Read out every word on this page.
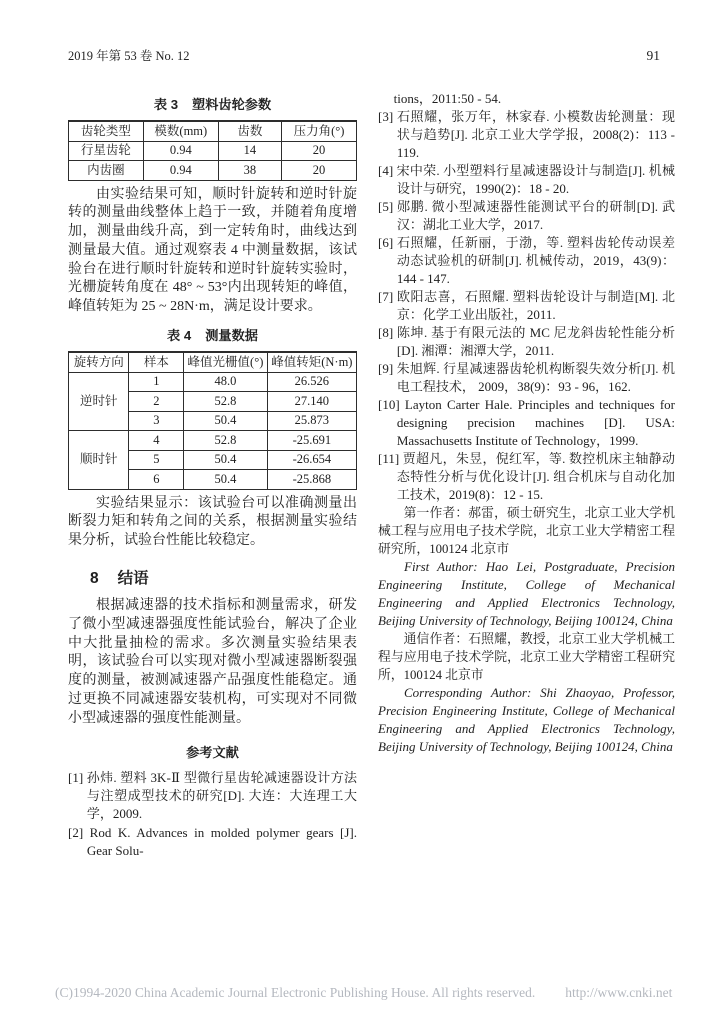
2019 年第 53 卷 No. 12	91
表 3 塑料齿轮参数
齿轮类型	模数(mm)	齿数	压力角(°)
行星齿轮	0.94	14	20
内齿圈	0.94	38	20

由实验结果可知，顺时针旋转和逆时针旋转的测量曲线整体上趋于一致，并随着角度增加，测量曲线升高，到一定转角时，曲线达到测量最大值。通过观察表 4 中测量数据，该试验台在进行顺时针旋转和逆时针旋转实验时，光栅旋转角度在 48° ~ 53°内出现转矩的峰值，峰值转矩为 25 ~ 28N·m，满足设计要求。

表 4 测量数据
旋转方向	样本	峰值光栅值(°)	峰值转矩(N·m)
逆时针	1	48.0	26.526
	2	52.8	27.140
	3	50.4	25.873
顺时针	4	52.8	-25.691
	5	50.4	-26.654
	6	50.4	-25.868

实验结果显示：该试验台可以准确测量出断裂力矩和转角之间的关系，根据测量实验结果分析，试验台性能比较稳定。

8 结语

根据减速器的技术指标和测量需求，研发了微小型减速器强度性能试验台，解决了企业中大批量抽检的需求。多次测量实验结果表明，该试验台可以实现对微小型减速器断裂强度的测量，被测减速器产品强度性能稳定。通过更换不同减速器安装机构，可实现对不同微小型减速器的强度性能测量。

参考文献

[1] 孙炜. 塑料 3K-Ⅱ 型微行星齿轮减速器设计方法与注塑成型技术的研究[D]. 大连：大连理工大学，2009.

[2] Rod K. Advances in molded polymer gears [J]. Gear Solu-

tions，2011:50 - 54.

[3] 石照耀，张万年，林家春. 小模数齿轮测量：现状与趋势[J]. 北京工业大学学报，2008(2)：113 - 119.

[4] 宋中荣. 小型塑料行星减速器设计与制造[J]. 机械设计与研究，1990(2)：18 - 20.

[5] 郧鹏. 微小型减速器性能测试平台的研制[D]. 武汉：湖北工业大学，2017.

[6] 石照耀，任新丽，于渤，等. 塑料齿轮传动误差动态试验机的研制[J]. 机械传动，2019，43(9)：144 - 147.

[7] 欧阳志喜，石照耀. 塑料齿轮设计与制造[M]. 北京：化学工业出版社，2011.

[8] 陈坤. 基于有限元法的 MC 尼龙斜齿轮性能分析[D]. 湘潭：湘潭大学，2011.

[9] 朱旭辉. 行星减速器齿轮机构断裂失效分析[J]. 机电工程技术， 2009，38(9)：93 - 96，162.

[10] Layton Carter Hale. Principles and techniques for designing precision machines [D]. USA: Massachusetts Institute of Technology，1999.

[11] 贾超凡，朱昱，倪红军，等. 数控机床主轴静动态特性分析与优化设计[J]. 组合机床与自动化加工技术，2019(8)：12 - 15.

第一作者：郝雷，硕士研究生，北京工业大学机械工程与应用电子技术学院，北京工业大学精密工程研究所，100124 北京市

First Author: Hao Lei, Postgraduate, Precision Engineering Institute, College of Mechanical Engineering and Applied Electronics Technology, Beijing University of Technology, Beijing 100124, China

通信作者：石照耀，教授，北京工业大学机械工程与应用电子技术学院，北京工业大学精密工程研究所，100124 北京市

Corresponding Author: Shi Zhaoyao, Professor, Precision Engineering Institute, College of Mechanical Engineering and Applied Electronics Technology, Beijing University of Technology, Beijing 100124, China

(C)1994-2020 China Academic Journal Electronic Publishing House. All rights reserved. http://www.cnki.net
